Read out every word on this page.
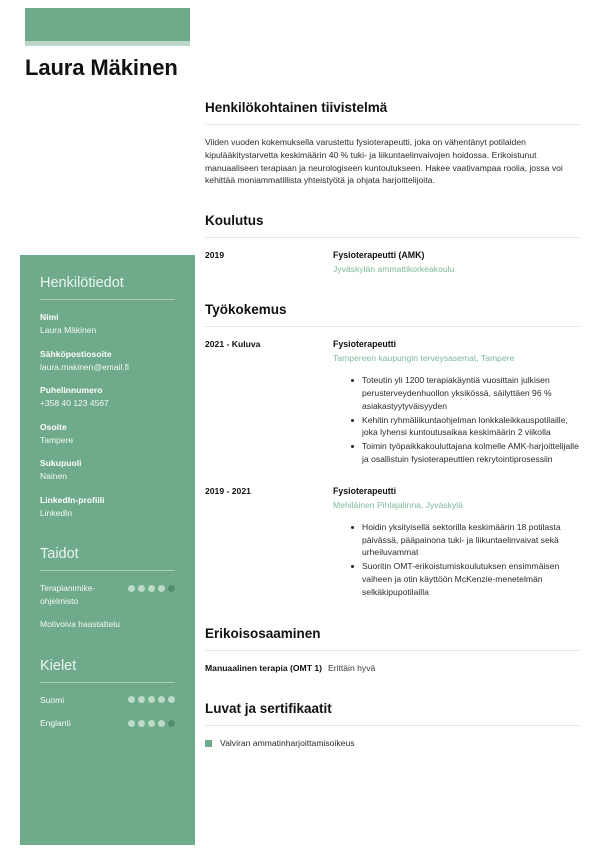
Laura Mäkinen
Henkilötiedot
Nimi
Laura Mäkinen
Sähköpostiosoite
laura.makinen@email.fi
Puhelinnumero
+358 40 123 4567
Osoite
Tampere
Sukupuoli
Nainen
LinkedIn-profiili
LinkedIn
Taidot
Terapianimike-ohjelmisto
Motivoiva haastattelu
Kielet
Suomi
Englanti
Henkilökohtainen tiivistelmä

Viiden vuoden kokemuksella varustettu fysioterapeutti, joka on vähentänyt potilaiden kipulääkitystarvetta keskimäärin 40 % tuki- ja liikuntaelinvaivojen hoidossa. Erikoistunut manuaaliseen terapiaan ja neurologiseen kuntoutukseen. Hakee vaativampaa roolia, jossa voi kehittää moniammatillista yhteistyötä ja ohjata harjoittelijoita.

Koulutus
2019	Fysioterapeutti (AMK)
Jyväskylän ammattikorkeakoulu
Työkokemus
2021 - Kuluva	Fysioterapeutti
Tampereen kaupungin terveysasemat, Tampere
Toteutin yli 1200 terapiakäyntiä vuosittain julkisen perusterveydenhuollon yksikössä, säilyttäen 96 % asiakastyytyväisyyden
Kehitin ryhmäliikuntaohjelman lonkkaleikkauspotilaille, joka lyhensi kuntoutusaikaa keskimäärin 2 viikolla
Toimin työpaikkakouluttajana kolmelle AMK-harjoittelijalle ja osallistuin fysioterapeuttien rekrytointiprosessiin
2019 - 2021	Fysioterapeutti
Mehiläinen Pihlajalinna, Jyväskylä
Hoidin yksityisellä sektorilla keskimäärin 18 potilasta päivässä, pääpainona tuki- ja liikuntaelinvaivat sekä urheiluvammat
Suoritin OMT-erikoistumiskoulutuksen ensimmäisen vaiheen ja otin käyttöön McKenzie-menetelmän selkäkipupotilailla
Erikoisosaaminen
Manuaalinen terapia (OMT 1) Erittäin hyvä
Luvat ja sertifikaatit
Valviran ammatinharjoittamisoikeus
